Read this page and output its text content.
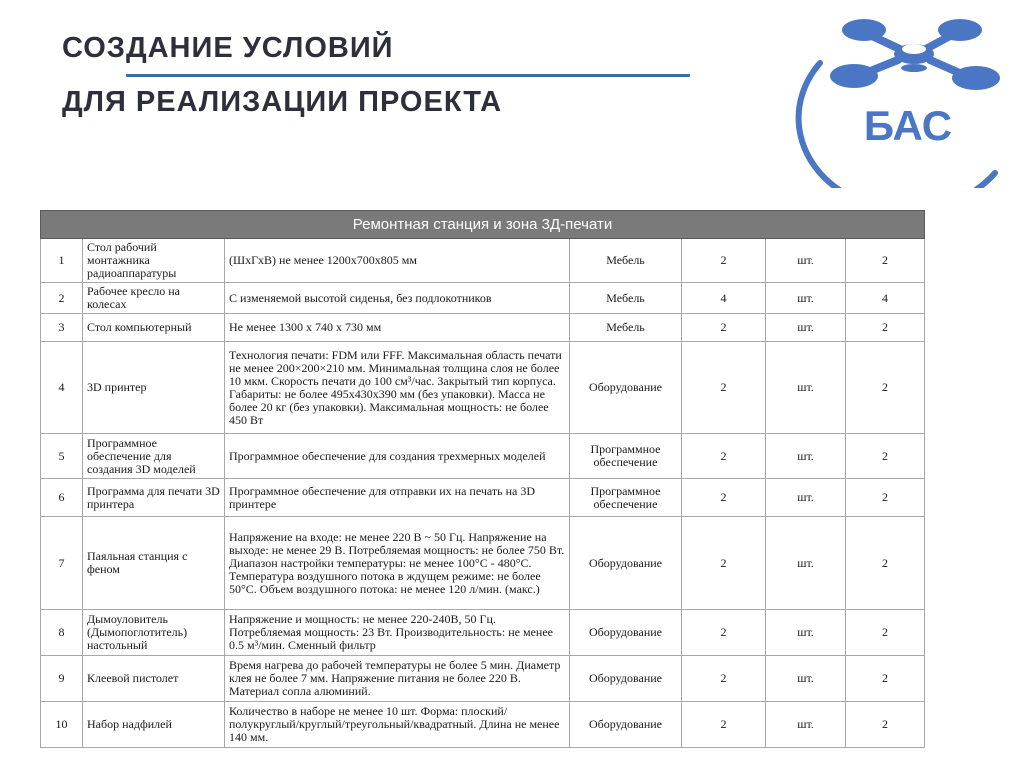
СОЗДАНИЕ УСЛОВИЙ
ДЛЯ РЕАЛИЗАЦИИ ПРОЕКТА	БАС
Ремонтная станция и зона 3Д-печати						
1	Стол рабочий монтажника радиоаппаратуры	(ШхГхВ) не менее 1200х700х805 мм	Мебель	2	шт.	2
2	Рабочее кресло на колесах	С изменяемой высотой сиденья, без подлокотников	Мебель	4	шт.	4
3	Стол компьютерный	Не менее 1300 х 740 х 730 мм	Мебель	2	шт.	2
4	3D принтер	Технология печати: FDM или FFF. Максимальная область печати не менее 200×200×210 мм. Минимальная толщина слоя не более 10 мкм. Скорость печати до 100 см³/час. Закрытый тип корпуса. Габариты: не более 495х430х390 мм (без упаковки). Масса не более 20 кг (без упаковки). Максимальная мощность: не более 450 Вт	Оборудование	2	шт.	2
5	Программное обеспечение для создания 3D моделей	Программное обеспечение для создания трехмерных моделей	Программное обеспечение	2	шт.	2
6	Программа для печати 3D принтера	Программное обеспечение для отправки их на печать на 3D принтере	Программное обеспечение	2	шт.	2
7	Паяльная станция с феном	Напряжение на входе: не менее 220 В ~ 50 Гц. Напряжение на выходе: не менее 29 В. Потребляемая мощность: не более 750 Вт. Диапазон настройки температуры: не менее 100°С - 480°С. Температура воздушного потока в ждущем режиме: не более 50°С. Объем воздушного потока: не менее 120 л/мин. (макс.)	Оборудование	2	шт.	2
8	Дымоуловитель (Дымопоглотитель) настольный	Напряжение и мощность: не менее 220-240В, 50 Гц. Потребляемая мощность: 23 Вт. Производительность: не менее 0.5 м³/мин. Сменный фильтр	Оборудование	2	шт.	2
9	Клеевой пистолет	Время нагрева до рабочей температуры не более 5 мин. Диаметр клея не более 7 мм. Напряжение питания не более 220 В. Материал сопла алюминий.	Оборудование	2	шт.	2
10	Набор надфилей	Количество в наборе не менее 10 шт. Форма: плоский/полукруглый/круглый/треугольный/квадратный. Длина не менее 140 мм.	Оборудование	2	шт.	2
